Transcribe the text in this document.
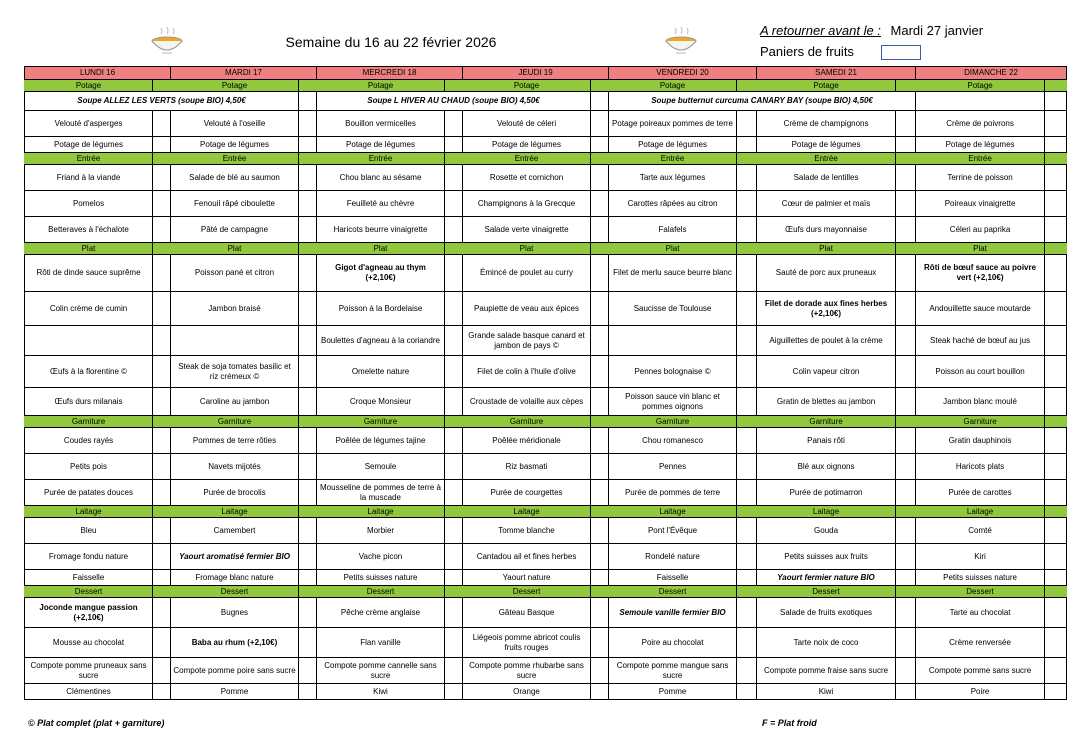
Semaine du 16 au 22 février 2026
A retourner avant le : Mardi 27 janvier
Paniers de fruits
LUNDI 16		MARDI 17		MERCREDI 18		JEUDI 19		VENDREDI 20		SAMEDI 21		DIMANCHE 22		
Potage		Potage		Potage		Potage		Potage		Potage		Potage		
Soupe ALLEZ LES VERTS (soupe BIO) 4,50€				Soupe L HIVER AU CHAUD (soupe BIO) 4,50€				Soupe butternut curcuma CANARY BAY (soupe BIO) 4,50€						
Velouté d'asperges		Velouté à l'oseille		Bouillon vermicelles		Velouté de céleri		Potage poireaux pommes de terre		Crème de champignons		Crème de poivrons		
Potage de légumes		Potage de légumes		Potage de légumes		Potage de légumes		Potage de légumes		Potage de légumes		Potage de légumes		
Entrée		Entrée		Entrée		Entrée		Entrée		Entrée		Entrée		
Friand à la viande		Salade de blé au saumon		Chou blanc au sésame		Rosette et cornichon		Tarte aux légumes		Salade de lentilles		Terrine de poisson		
Pomelos		Fenouil râpé ciboulette		Feuilleté au chèvre		Champignons à la Grecque		Carottes râpées au citron		Cœur de palmier et maïs		Poireaux vinaigrette		
Betteraves à l'échalote		Pâté de campagne		Haricots beurre vinaigrette		Salade verte vinaigrette		Falafels		Œufs durs mayonnaise		Céleri au paprika		
Plat		Plat		Plat		Plat		Plat		Plat		Plat		
Rôti de dinde sauce suprême		Poisson pané et citron		Gigot d'agneau au thym (+2,10€)		Émincé de poulet au curry		Filet de merlu sauce beurre blanc		Sauté de porc aux pruneaux		Rôti de bœuf sauce au poivre vert (+2,10€)		
Colin crème de cumin		Jambon braisé		Poisson à la Bordelaise		Paupiette de veau aux épices		Saucisse de Toulouse		Filet de dorade aux fines herbes (+2,10€)		Andouillette sauce moutarde		
				Boulettes d'agneau à la coriandre		Grande salade basque canard et jambon de pays ©				Aiguillettes de poulet à la crème		Steak haché de bœuf au jus		
Œufs à la florentine ©		Steak de soja tomates basilic et riz crémeux ©		Omelette nature		Filet de colin à l'huile d'olive		Pennes bolognaise ©		Colin vapeur citron		Poisson au court bouillon		
Œufs durs milanais		Caroline au jambon		Croque Monsieur		Croustade de volaille aux cèpes		Poisson sauce vin blanc et pommes oignons		Gratin de blettes au jambon		Jambon blanc moulé		
Garniture		Garniture		Garniture		Garniture		Garniture		Garniture		Garniture		
Coudes rayés		Pommes de terre rôties		Poêlée de légumes tajine		Poêlée méridionale		Chou romanesco		Panais rôti		Gratin dauphinois		
Petits pois		Navets mijotés		Semoule		Riz basmati		Pennes		Blé aux oignons		Haricots plats		
Purée de patates douces		Purée de brocolis		Mousseline de pommes de terre à la muscade		Purée de courgettes		Purée de pommes de terre		Purée de potimarron		Purée de carottes		
Laitage		Laitage		Laitage		Laitage		Laitage		Laitage		Laitage		
Bleu		Camembert		Morbier		Tomme blanche		Pont l'Évêque		Gouda		Comté		
Fromage fondu nature		Yaourt aromatisé fermier BIO		Vache picon		Cantadou ail et fines herbes		Rondelé nature		Petits suisses aux fruits		Kiri		
Faisselle		Fromage blanc nature		Petits suisses nature		Yaourt nature		Faisselle		Yaourt fermier nature BIO		Petits suisses nature		
Dessert		Dessert		Dessert		Dessert		Dessert		Dessert		Dessert		
Joconde mangue passion (+2,10€)		Bugnes		Pêche crème anglaise		Gâteau Basque		Semoule vanille fermier BIO		Salade de fruits exotiques		Tarte au chocolat		
Mousse au chocolat		Baba au rhum (+2,10€)		Flan vanille		Liégeois pomme abricot coulis fruits rouges		Poire au chocolat		Tarte noix de coco		Crème renversée		
Compote pomme pruneaux sans sucre		Compote pomme poire sans sucre		Compote pomme cannelle sans sucre		Compote pomme rhubarbe sans sucre		Compote pomme mangue sans sucre		Compote pomme fraise sans sucre		Compote pomme sans sucre		
Clémentines		Pomme		Kiwi		Orange		Pomme		Kiwi		Poire		
© Plat complet (plat + garniture)	F = Plat froid
